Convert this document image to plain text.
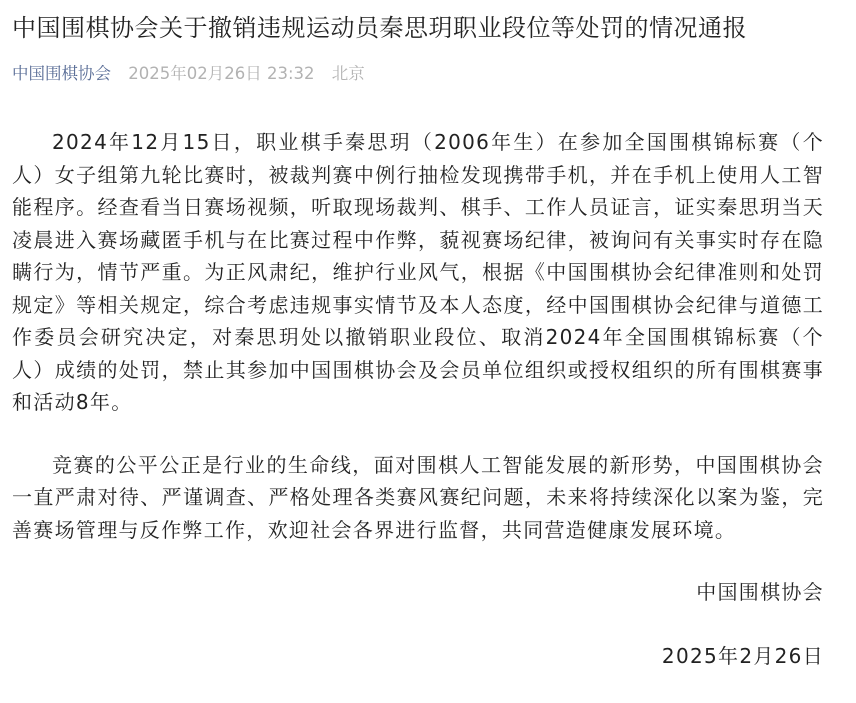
中国围棋协会关于撤销违规运动员秦思玥职业段位等处罚的情况通报
中国围棋协会 2025年02月26日 23:32 北京

2024年12月15日，职业棋手秦思玥（2006年生）在参加全国围棋锦标赛（个人）女子组第九轮比赛时，被裁判赛中例行抽检发现携带手机，并在手机上使用人工智能程序。经查看当日赛场视频，听取现场裁判、棋手、工作人员证言，证实秦思玥当天凌晨进入赛场藏匿手机与在比赛过程中作弊，藐视赛场纪律，被询问有关事实时存在隐瞒行为，情节严重。为正风肃纪，维护行业风气，根据《中国围棋协会纪律准则和处罚规定》等相关规定，综合考虑违规事实情节及本人态度，经中国围棋协会纪律与道德工作委员会研究决定，对秦思玥处以撤销职业段位、取消2024年全国围棋锦标赛（个人）成绩的处罚，禁止其参加中国围棋协会及会员单位组织或授权组织的所有围棋赛事和活动8年。

竞赛的公平公正是行业的生命线，面对围棋人工智能发展的新形势，中国围棋协会一直严肃对待、严谨调查、严格处理各类赛风赛纪问题，未来将持续深化以案为鉴，完善赛场管理与反作弊工作，欢迎社会各界进行监督，共同营造健康发展环境。

中国围棋协会

2025年2月26日
